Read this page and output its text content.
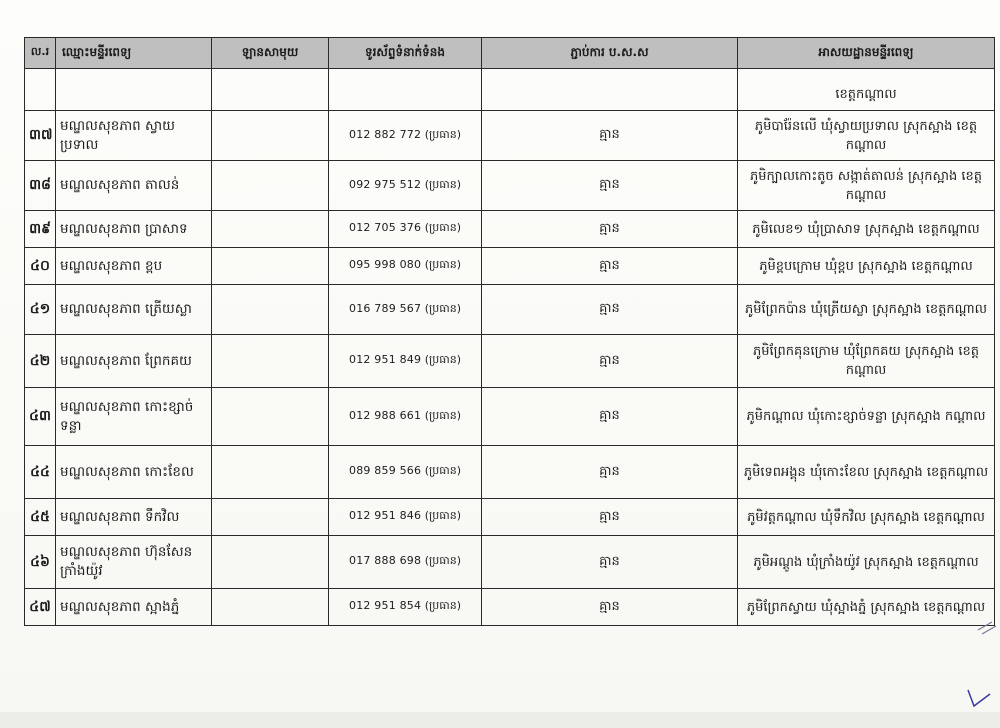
ល.រ	ឈ្មោះមន្ទីរពេទ្យ	ឡានសាមុយ	ទូរស័ព្ទទំនាក់ទំនង	ភ្ជាប់ការ ប.ស.ស	អាសយដ្ឋានមន្ទីរពេទ្យ
					ខេត្តកណ្ដាល
៣៧	មណ្ឌលសុខភាព ស្វាយប្រទាល		012 882 772 (ប្រធាន)	គ្មាន	ភូមិបារ៉ែនលើ ឃុំស្វាយប្រទាល ស្រុកស្អាង ខេត្តកណ្ដាល
៣៨	មណ្ឌលសុខភាព តាលន់		092 975 512 (ប្រធាន)	គ្មាន	ភូមិក្បាលកោះតូច សង្កាត់តាលន់ ស្រុកស្អាង ខេត្តកណ្ដាល
៣៩	មណ្ឌលសុខភាព ប្រាសាទ		012 705 376 (ប្រធាន)	គ្មាន	ភូមិលេខ១ ឃុំប្រាសាទ ស្រុកស្អាង ខេត្តកណ្ដាល
៤០	មណ្ឌលសុខភាព ខ្ពប		095 998 080 (ប្រធាន)	គ្មាន	ភូមិខ្ពបក្រោម ឃុំខ្ពប ស្រុកស្អាង ខេត្តកណ្ដាល
៤១	មណ្ឌលសុខភាព ត្រើយស្លា		016 789 567 (ប្រធាន)	គ្មាន	ភូមិព្រែកប៉ាន ឃុំត្រើយស្លា ស្រុកស្អាង ខេត្តកណ្ដាល
៤២	មណ្ឌលសុខភាព ព្រែកគយ		012 951 849 (ប្រធាន)	គ្មាន	ភូមិព្រែកគុនក្រោម ឃុំព្រែកគយ ស្រុកស្អាង ខេត្តកណ្ដាល
៤៣	មណ្ឌលសុខភាព កោះខ្សាច់ទន្លា		012 988 661 (ប្រធាន)	គ្មាន	ភូមិកណ្ដាល ឃុំកោះខ្សាច់ទន្លា ស្រុកស្អាង កណ្ដាល
៤៤	មណ្ឌលសុខភាព កោះខែល		089 859 566 (ប្រធាន)	គ្មាន	ភូមិទេពអង្គុន ឃុំកោះខែល ស្រុកស្អាង ខេត្តកណ្ដាល
៤៥	មណ្ឌលសុខភាព ទឹកវិល		012 951 846 (ប្រធាន)	គ្មាន	ភូមិវត្តកណ្ដាល ឃុំទឹកវិល ស្រុកស្អាង ខេត្តកណ្ដាល
៤៦	មណ្ឌលសុខភាព ហ៊ុនសែនក្រាំងយ៉ូវ		017 888 698 (ប្រធាន)	គ្មាន	ភូមិអណ្ដូង ឃុំក្រាំងយ៉ូវ ស្រុកស្អាង ខេត្តកណ្ដាល
៤៧	មណ្ឌលសុខភាព ស្អាងភ្នំ		012 951 854 (ប្រធាន)	គ្មាន	ភូមិព្រែកស្វាយ ឃុំស្អាងភ្នំ ស្រុកស្អាង ខេត្តកណ្ដាល
